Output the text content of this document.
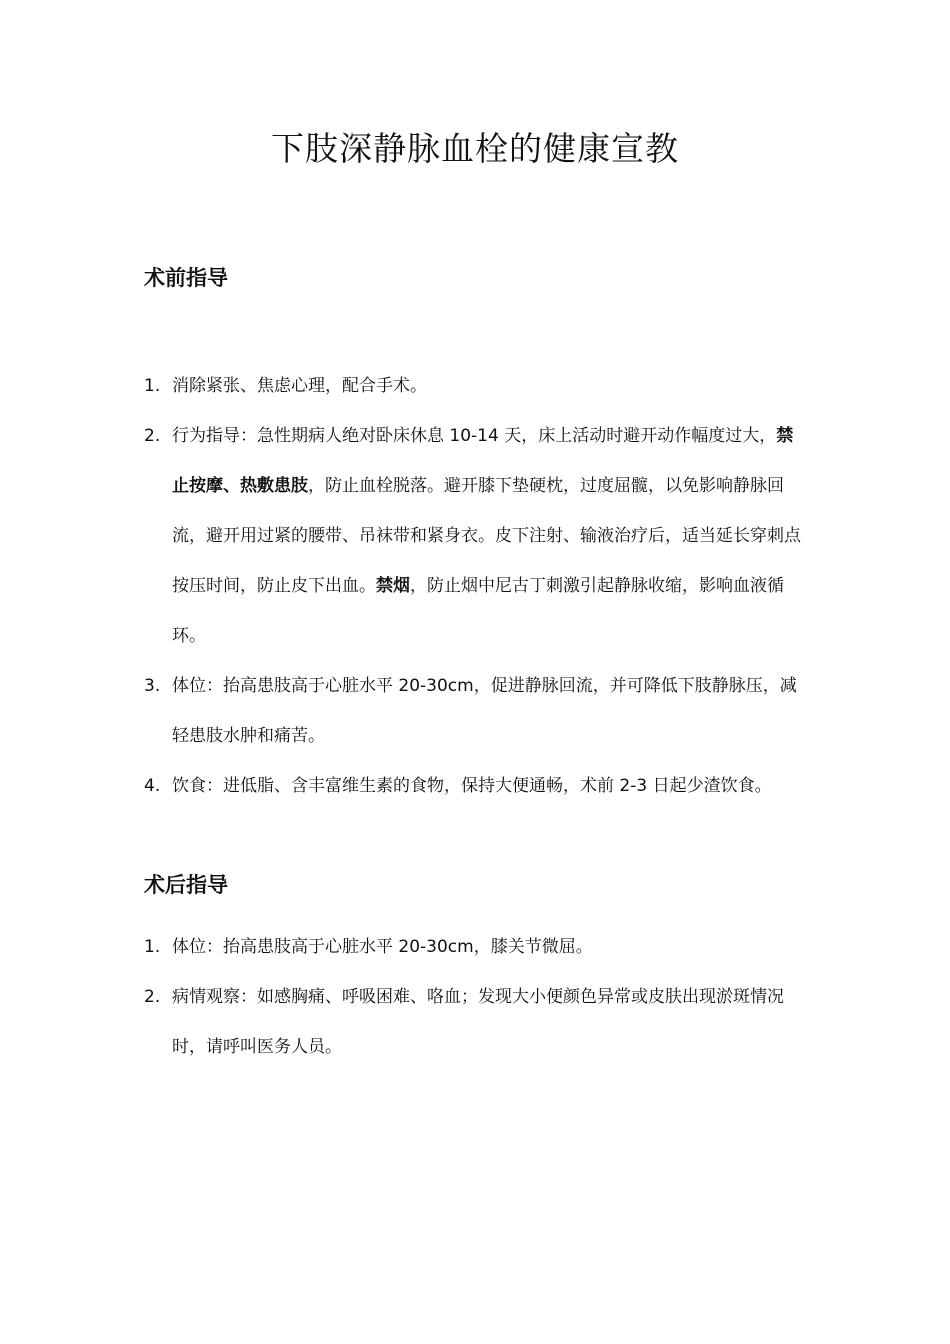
下肢深静脉血栓的健康宣教
术前指导
1. 消除紧张、焦虑心理，配合手术。
2. 行为指导：急性期病人绝对卧床休息 10-14 天，床上活动时避开动作幅度过大，禁止按摩、热敷患肢，防止血栓脱落。避开膝下垫硬枕，过度屈髋，以免影响静脉回流，避开用过紧的腰带、吊袜带和紧身衣。皮下注射、输液治疗后，适当延长穿刺点按压时间，防止皮下出血。禁烟，防止烟中尼古丁刺激引起静脉收缩，影响血液循环。
3. 体位：抬高患肢高于心脏水平 20-30cm，促进静脉回流，并可降低下肢静脉压，减轻患肢水肿和痛苦。
4. 饮食：进低脂、含丰富维生素的食物，保持大便通畅，术前 2-3 日起少渣饮食。
术后指导
1. 体位：抬高患肢高于心脏水平 20-30cm，膝关节微屈。
2. 病情观察：如感胸痛、呼吸困难、咯血；发现大小便颜色异常或皮肤出现淤斑情况时，请呼叫医务人员。
